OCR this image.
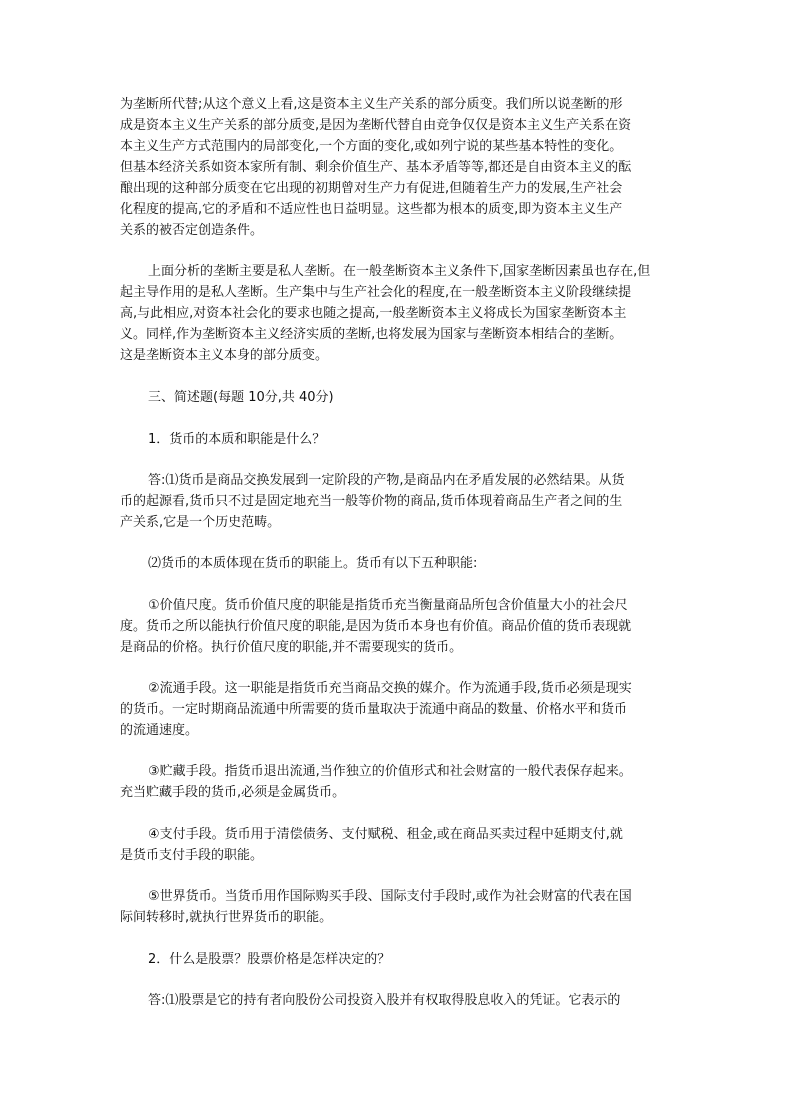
为垄断所代替;从这个意义上看,这是资本主义生产关系的部分质变。我们所以说垄断的形
成是资本主义生产关系的部分质变,是因为垄断代替自由竞争仅仅是资本主义生产关系在资
本主义生产方式范围内的局部变化,一个方面的变化,或如列宁说的某些基本特性的变化。
但基本经济关系如资本家所有制、剩余价值生产、基本矛盾等等,都还是自由资本主义的酝
酿出现的这种部分质变在它出现的初期曾对生产力有促进,但随着生产力的发展,生产社会
化程度的提高,它的矛盾和不适应性也日益明显。这些都为根本的质变,即为资本主义生产
关系的被否定创造条件。
上面分析的垄断主要是私人垄断。在一般垄断资本主义条件下,国家垄断因素虽也存在,但
起主导作用的是私人垄断。生产集中与生产社会化的程度,在一般垄断资本主义阶段继续提
高,与此相应,对资本社会化的要求也随之提高,一般垄断资本主义将成长为国家垄断资本主
义。同样,作为垄断资本主义经济实质的垄断,也将发展为国家与垄断资本相结合的垄断。
这是垄断资本主义本身的部分质变。
三、简述题(每题 10分,共 40分)
1．货币的本质和职能是什么？
答:⑴货币是商品交换发展到一定阶段的产物,是商品内在矛盾发展的必然结果。从货
币的起源看,货币只不过是固定地充当一般等价物的商品,货币体现着商品生产者之间的生
产关系,它是一个历史范畴。
⑵货币的本质体现在货币的职能上。货币有以下五种职能:
①价值尺度。货币价值尺度的职能是指货币充当衡量商品所包含价值量大小的社会尺
度。货币之所以能执行价值尺度的职能,是因为货币本身也有价值。商品价值的货币表现就
是商品的价格。执行价值尺度的职能,并不需要现实的货币。
②流通手段。这一职能是指货币充当商品交换的媒介。作为流通手段,货币必须是现实
的货币。一定时期商品流通中所需要的货币量取决于流通中商品的数量、价格水平和货币
的流通速度。
③贮藏手段。指货币退出流通,当作独立的价值形式和社会财富的一般代表保存起来。
充当贮藏手段的货币,必须是金属货币。
④支付手段。货币用于清偿债务、支付赋税、租金,或在商品买卖过程中延期支付,就
是货币支付手段的职能。
⑤世界货币。当货币用作国际购买手段、国际支付手段时,或作为社会财富的代表在国
际间转移时,就执行世界货币的职能。
2．什么是股票？股票价格是怎样决定的？
答:⑴股票是它的持有者向股份公司投资入股并有权取得股息收入的凭证。它表示的
